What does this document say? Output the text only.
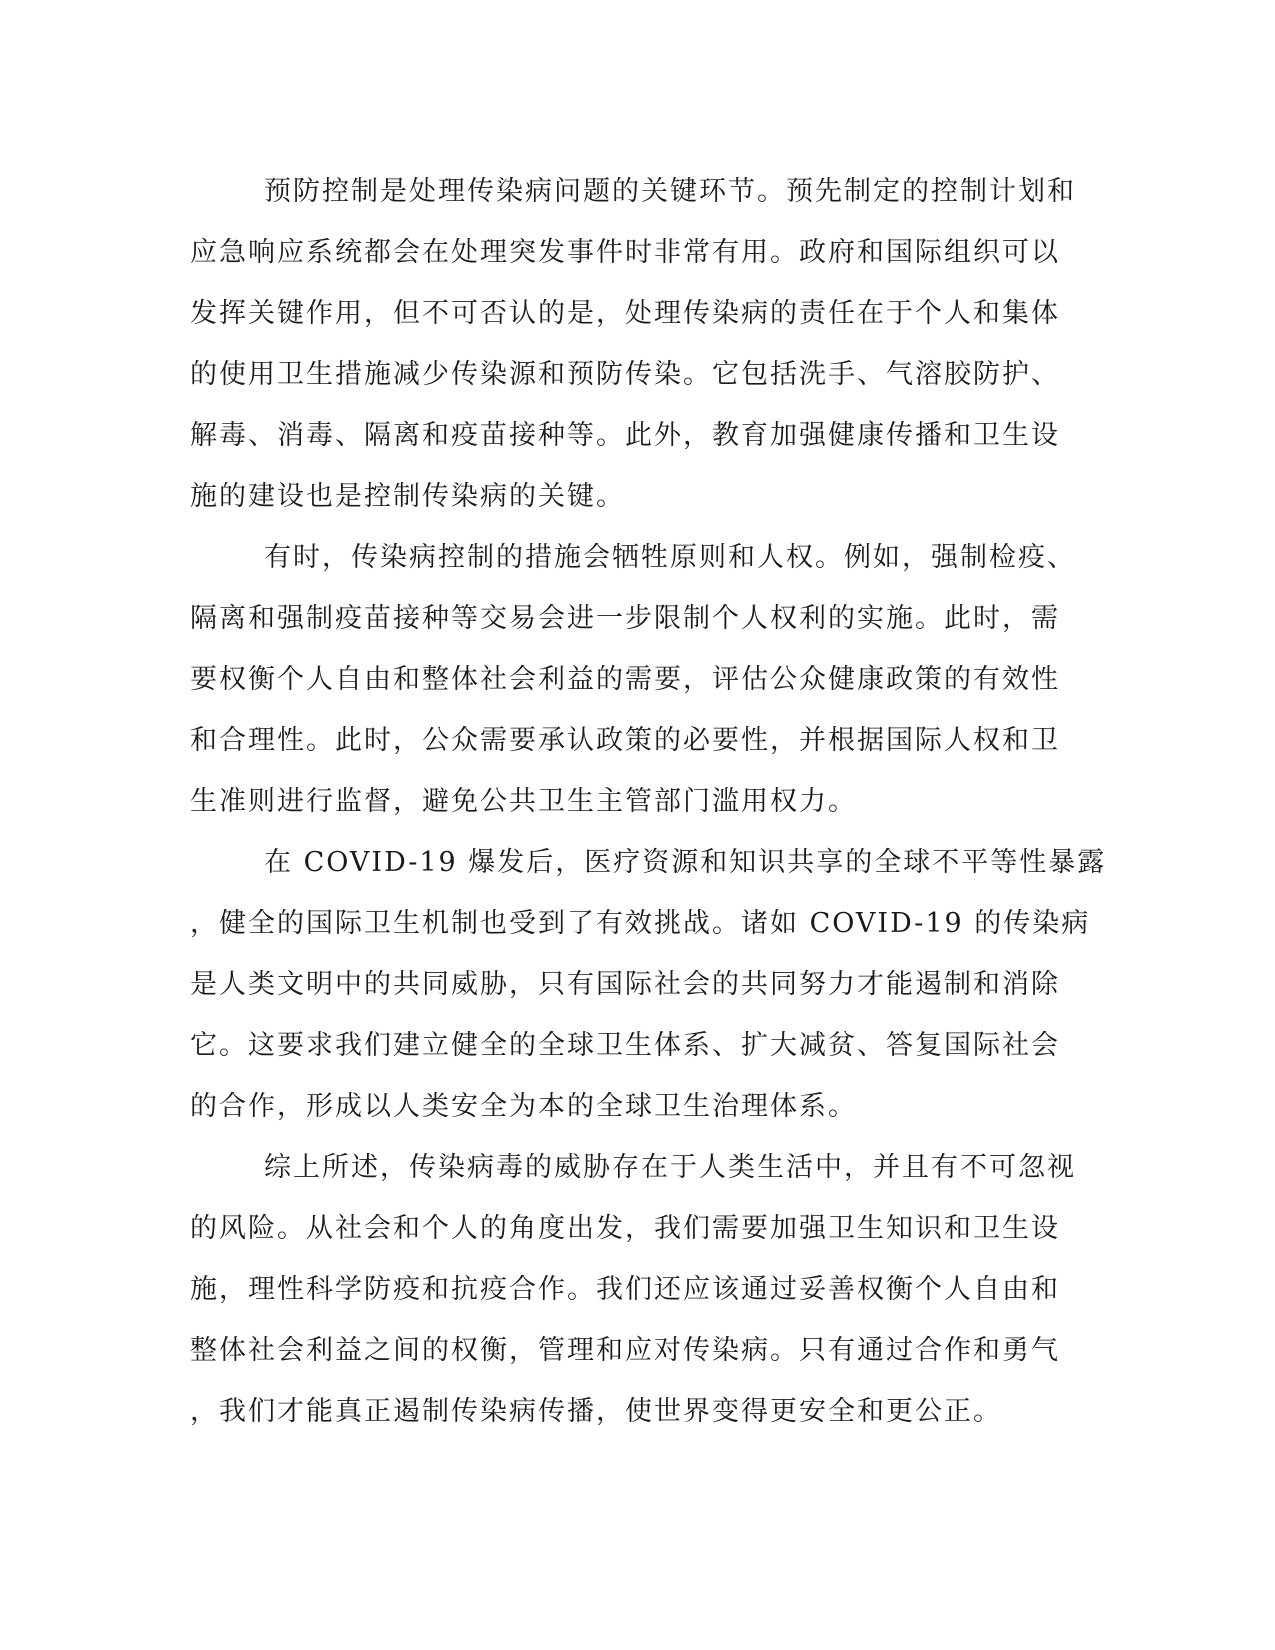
预防控制是处理传染病问题的关键环节。预先制定的控制计划和
应急响应系统都会在处理突发事件时非常有用。政府和国际组织可以
发挥关键作用，但不可否认的是，处理传染病的责任在于个人和集体
的使用卫生措施减少传染源和预防传染。它包括洗手、气溶胶防护、
解毒、消毒、隔离和疫苗接种等。此外，教育加强健康传播和卫生设
施的建设也是控制传染病的关键。

有时，传染病控制的措施会牺牲原则和人权。例如，强制检疫、
隔离和强制疫苗接种等交易会进一步限制个人权利的实施。此时，需
要权衡个人自由和整体社会利益的需要，评估公众健康政策的有效性
和合理性。此时，公众需要承认政策的必要性，并根据国际人权和卫
生准则进行监督，避免公共卫生主管部门滥用权力。

在 COVID-19 爆发后，医疗资源和知识共享的全球不平等性暴露
，健全的国际卫生机制也受到了有效挑战。诸如 COVID-19 的传染病
是人类文明中的共同威胁，只有国际社会的共同努力才能遏制和消除
它。这要求我们建立健全的全球卫生体系、扩大减贫、答复国际社会
的合作，形成以人类安全为本的全球卫生治理体系。

综上所述，传染病毒的威胁存在于人类生活中，并且有不可忽视
的风险。从社会和个人的角度出发，我们需要加强卫生知识和卫生设
施，理性科学防疫和抗疫合作。我们还应该通过妥善权衡个人自由和
整体社会利益之间的权衡，管理和应对传染病。只有通过合作和勇气
，我们才能真正遏制传染病传播，使世界变得更安全和更公正。
